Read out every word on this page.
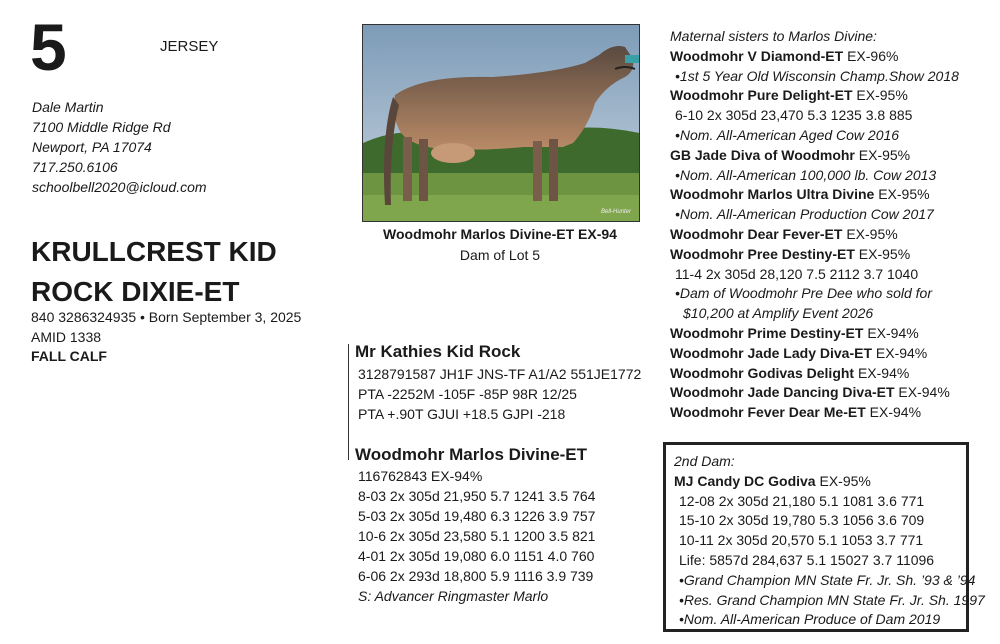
5	JERSEY
Dale Martin
7100 Middle Ridge Rd
Newport, PA 17074
717.250.6106
schoolbell2020@icloud.com
KRULLCREST KID
ROCK DIXIE-ET
840 3286324935 • Born September 3, 2025
AMID 1338
FALL CALF
Bell-Hunter
Woodmohr Marlos Divine-ET EX-94
Dam of Lot 5
Mr Kathies Kid Rock
3128791587 JH1F JNS-TF A1/A2 551JE1772
PTA -2252M -105F -85P 98R 12/25
PTA +.90T GJUI +18.5 GJPI -218
Woodmohr Marlos Divine-ET
116762843 EX-94%
8-03 2x 305d 21,950 5.7 1241 3.5 764
5-03 2x 305d 19,480 6.3 1226 3.9 757
10-6 2x 305d 23,580 5.1 1200 3.5 821
4-01 2x 305d 19,080 6.0 1151 4.0 760
6-06 2x 293d 18,800 5.9 1116 3.9 739
S: Advancer Ringmaster Marlo
Maternal sisters to Marlos Divine:
Woodmohr V Diamond-ET EX-96%
•1st 5 Year Old Wisconsin Champ.Show 2018
Woodmohr Pure Delight-ET EX-95%
6-10 2x 305d 23,470 5.3 1235 3.8 885
•Nom. All-American Aged Cow 2016
GB Jade Diva of Woodmohr EX-95%
•Nom. All-American 100,000 lb. Cow 2013
Woodmohr Marlos Ultra Divine EX-95%
•Nom. All-American Production Cow 2017
Woodmohr Dear Fever-ET EX-95%
Woodmohr Pree Destiny-ET EX-95%
11-4 2x 305d 28,120 7.5 2112 3.7 1040
•Dam of Woodmohr Pre Dee who sold for
$10,200 at Amplify Event 2026
Woodmohr Prime Destiny-ET EX-94%
Woodmohr Jade Lady Diva-ET EX-94%
Woodmohr Godivas Delight EX-94%
Woodmohr Jade Dancing Diva-ET EX-94%
Woodmohr Fever Dear Me-ET EX-94%
2nd Dam:
MJ Candy DC Godiva EX-95%
12-08 2x 305d 21,180 5.1 1081 3.6 771
15-10 2x 305d 19,780 5.3 1056 3.6 709
10-11 2x 305d 20,570 5.1 1053 3.7 771
Life: 5857d 284,637 5.1 15027 3.7 11096
•Grand Champion MN State Fr. Jr. Sh. ’93 & ’94
•Res. Grand Champion MN State Fr. Jr. Sh. 1997
•Nom. All-American Produce of Dam 2019
